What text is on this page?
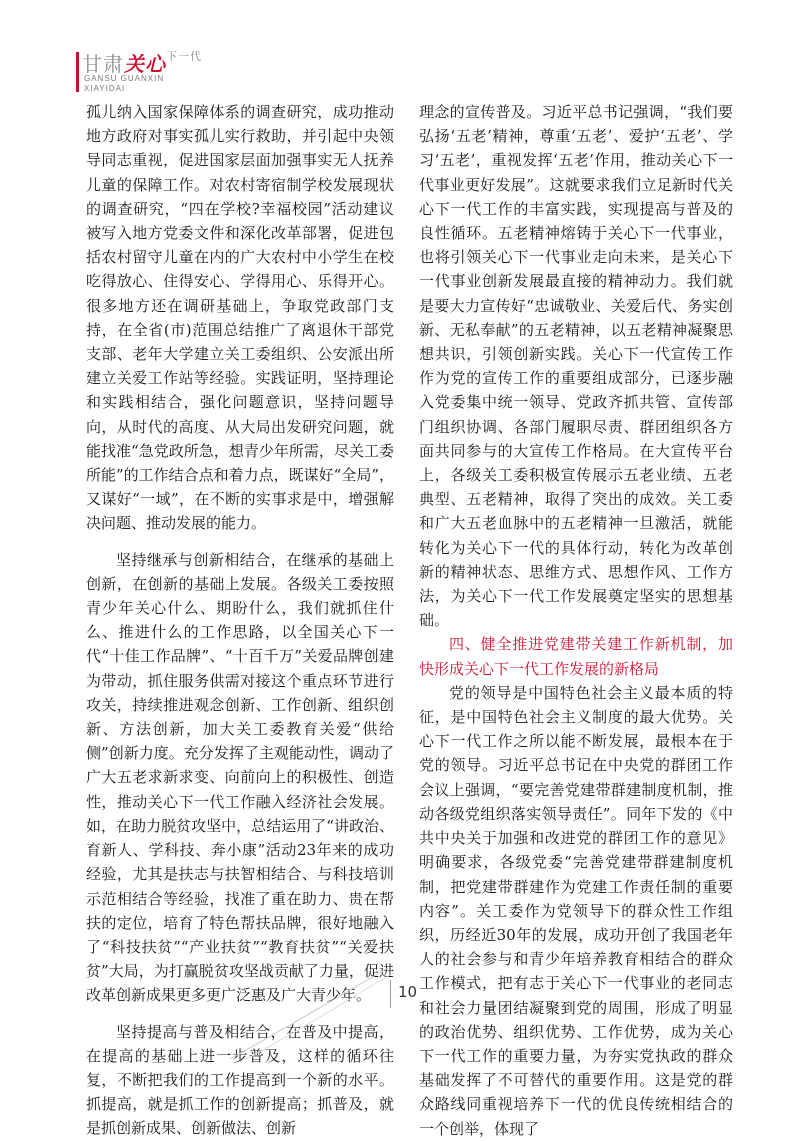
甘肃关心$^{下一代}$
GANSU GUANXIN
XIAYIDAI

孤儿纳入国家保障体系的调查研究，成功推动地方政府对事实孤儿实行救助，并引起中央领导同志重视，促进国家层面加强事实无人抚养儿童的保障工作。对农村寄宿制学校发展现状的调查研究，“四在学校?幸福校园”活动建议被写入地方党委文件和深化改革部署，促进包括农村留守儿童在内的广大农村中小学生在校吃得放心、住得安心、学得用心、乐得开心。很多地方还在调研基础上，争取党政部门支持，在全省(市)范围总结推广了离退休干部党支部、老年大学建立关工委组织、公安派出所建立关爱工作站等经验。实践证明，坚持理论和实践相结合，强化问题意识，坚持问题导向，从时代的高度、从大局出发研究问题，就能找准“急党政所急，想青少年所需，尽关工委所能”的工作结合点和着力点，既谋好“全局”，又谋好“一域”，在不断的实事求是中，增强解决问题、推动发展的能力。

坚持继承与创新相结合，在继承的基础上创新，在创新的基础上发展。各级关工委按照青少年关心什么、期盼什么，我们就抓住什么、推进什么的工作思路，以全国关心下一代“十佳工作品牌”、“十百千万”关爱品牌创建为带动，抓住服务供需对接这个重点环节进行攻关，持续推进观念创新、工作创新、组织创新、方法创新，加大关工委教育关爱“供给侧”创新力度。充分发挥了主观能动性，调动了广大五老求新求变、向前向上的积极性、创造性，推动关心下一代工作融入经济社会发展。如，在助力脱贫攻坚中，总结运用了“讲政治、育新人、学科技、奔小康”活动23年来的成功经验，尤其是扶志与扶智相结合、与科技培训示范相结合等经验，找准了重在助力、贵在帮扶的定位，培育了特色帮扶品牌，很好地融入了“科技扶贫”“产业扶贫”“教育扶贫”“关爱扶贫”大局，为打赢脱贫攻坚战贡献了力量，促进改革创新成果更多更广泛惠及广大青少年。

坚持提高与普及相结合，在普及中提高，在提高的基础上进一步普及，这样的循环往复，不断把我们的工作提高到一个新的水平。抓提高，就是抓工作的创新提高；抓普及，就是抓创新成果、创新做法、创新

理念的宣传普及。习近平总书记强调，“我们要弘扬‘五老’精神，尊重‘五老’、爱护‘五老’、学习‘五老’，重视发挥‘五老’作用，推动关心下一代事业更好发展”。这就要求我们立足新时代关心下一代工作的丰富实践，实现提高与普及的良性循环。五老精神熔铸于关心下一代事业，也将引领关心下一代事业走向未来，是关心下一代事业创新发展最直接的精神动力。我们就是要大力宣传好“忠诚敬业、关爱后代、务实创新、无私奉献”的五老精神，以五老精神凝聚思想共识，引领创新实践。关心下一代宣传工作作为党的宣传工作的重要组成部分，已逐步融入党委集中统一领导、党政齐抓共管、宣传部门组织协调、各部门履职尽责、群团组织各方面共同参与的大宣传工作格局。在大宣传平台上，各级关工委积极宣传展示五老业绩、五老典型、五老精神，取得了突出的成效。关工委和广大五老血脉中的五老精神一旦激活，就能转化为关心下一代的具体行动，转化为改革创新的精神状态、思维方式、思想作风、工作方法，为关心下一代工作发展奠定坚实的思想基础。

四、健全推进党建带关建工作新机制，加快形成关心下一代工作发展的新格局

党的领导是中国特色社会主义最本质的特征，是中国特色社会主义制度的最大优势。关心下一代工作之所以能不断发展，最根本在于党的领导。习近平总书记在中央党的群团工作会议上强调，“要完善党建带群建制度机制，推动各级党组织落实领导责任”。同年下发的《中共中央关于加强和改进党的群团工作的意见》明确要求，各级党委“完善党建带群建制度机制，把党建带群建作为党建工作责任制的重要内容”。关工委作为党领导下的群众性工作组织，历经近30年的发展，成功开创了我国老年人的社会参与和青少年培养教育相结合的群众工作模式，把有志于关心下一代事业的老同志和社会力量团结凝聚到党的周围，形成了明显的政治优势、组织优势、工作优势，成为关心下一代工作的重要力量，为夯实党执政的群众基础发挥了不可替代的重要作用。这是党的群众路线同重视培养下一代的优良传统相结合的一个创举，体现了

10
